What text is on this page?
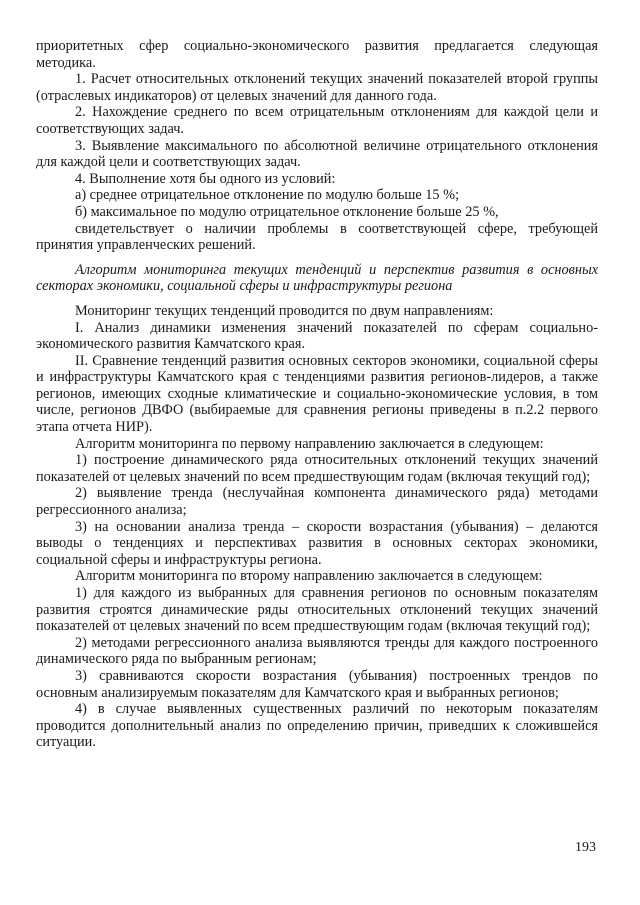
приоритетных сфер социально-экономического развития предлагается следующая методика.

1. Расчет относительных отклонений текущих значений показателей второй группы (отраслевых индикаторов) от целевых значений для данного года.

2. Нахождение среднего по всем отрицательным отклонениям для каждой цели и соответствующих задач.

3. Выявление максимального по абсолютной величине отрицательного отклонения для каждой цели и соответствующих задач.

4. Выполнение хотя бы одного из условий:

а) среднее отрицательное отклонение по модулю больше 15 %;

б) максимальное по модулю отрицательное отклонение больше 25 %,

свидетельствует о наличии проблемы в соответствующей сфере, требующей принятия управленческих решений.

Алгоритм мониторинга текущих тенденций и перспектив развития в основных секторах экономики, социальной сферы и инфраструктуры региона

Мониторинг текущих тенденций проводится по двум направлениям:

I. Анализ динамики изменения значений показателей по сферам социально-экономического развития Камчатского края.

II. Сравнение тенденций развития основных секторов экономики, социальной сферы и инфраструктуры Камчатского края с тенденциями развития регионов-лидеров, а также регионов, имеющих сходные климатические и социально-экономические условия, в том числе, регионов ДВФО (выбираемые для сравнения регионы приведены в п.2.2 первого этапа отчета НИР).

Алгоритм мониторинга по первому направлению заключается в следующем:

1) построение динамического ряда относительных отклонений текущих значений показателей от целевых значений по всем предшествующим годам (включая текущий год);

2) выявление тренда (неслучайная компонента динамического ряда) методами регрессионного анализа;

3) на основании анализа тренда – скорости возрастания (убывания) – делаются выводы о тенденциях и перспективах развития в основных секторах экономики, социальной сферы и инфраструктуры региона.

Алгоритм мониторинга по второму направлению заключается в следующем:

1) для каждого из выбранных для сравнения регионов по основным показателям развития строятся динамические ряды относительных отклонений текущих значений показателей от целевых значений по всем предшествующим годам (включая текущий год);

2) методами регрессионного анализа выявляются тренды для каждого построенного динамического ряда по выбранным регионам;

3) сравниваются скорости возрастания (убывания) построенных трендов по основным анализируемым показателям для Камчатского края и выбранных регионов;

4) в случае выявленных существенных различий по некоторым показателям проводится дополнительный анализ по определению причин, приведших к сложившейся ситуации.

193
